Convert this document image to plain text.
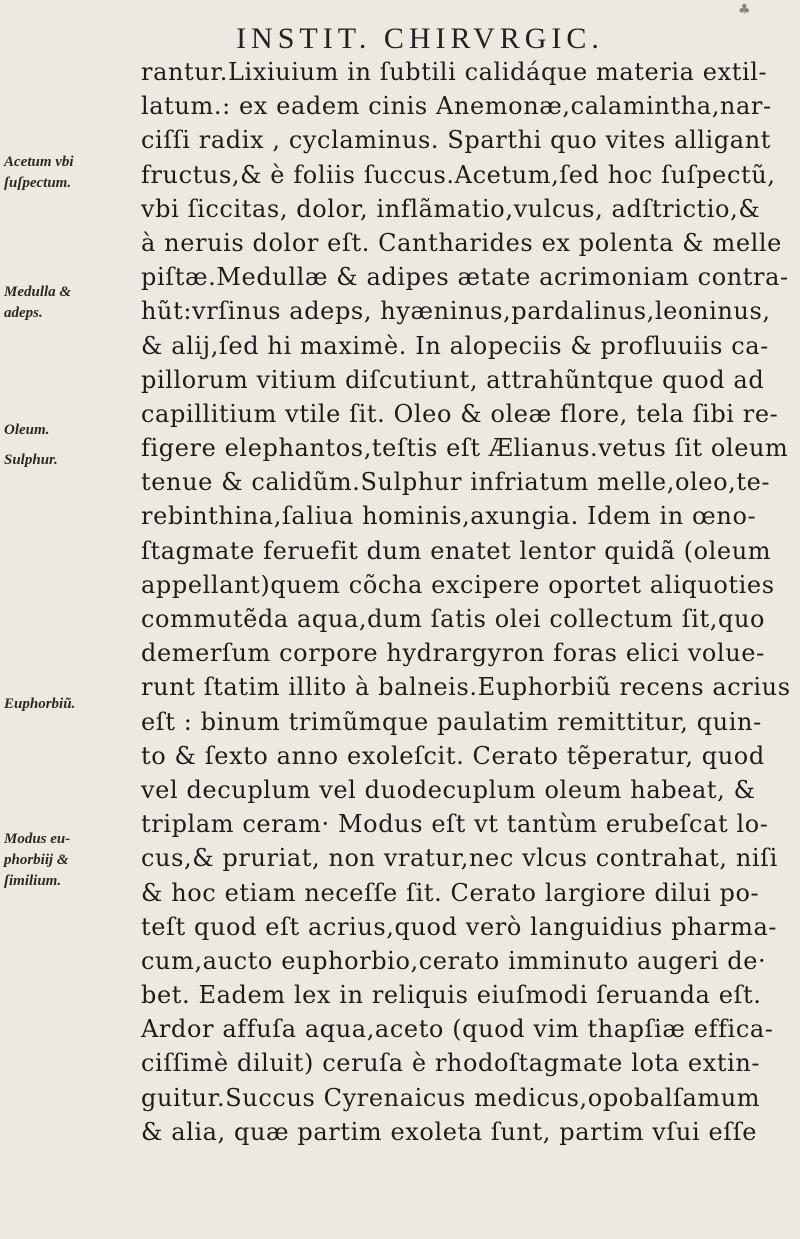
♣
INSTIT. CHIRVRGIC.
Acetum vbi
ſuſpectum.
Medulla &
adeps.
Oleum.
Sulphur.
Euphorbiũ.
Modus eu-
phorbiĳ &
ſimilium.
rantur.Lixiuium in ſubtili calidáque materia extil-
latum.: ex eadem cinis Anemonæ,calamintha,nar-
ciſſi radix , cyclaminus. Sparthi quo vites alligant
fructus,& è foliis ſuccus.Acetum,ſed hoc ſuſpectũ,
vbi ſiccitas, dolor, inflãmatio,vulcus, adſtrictio,&
à neruis dolor eſt. Cantharides ex polenta & melle
piſtæ.Medullæ & adipes ætate acrimoniam contra-
hũt:vrſinus adeps, hyæninus,pardalinus,leoninus,
& alij,ſed hi maximè. In alopeciis & profluuiis ca-
pillorum vitium diſcutiunt, attrahũntque quod ad
capillitium vtile ſit. Oleo & oleæ flore, tela ſibi re-
figere elephantos,teſtis eſt Ælianus.vetus ſit oleum
tenue & calidũm.Sulphur infriatum melle,oleo,te-
rebinthina,ſaliua hominis,axungia. Idem in œno-
ſtagmate feruefit dum enatet lentor quidã (oleum
appellant)quem cõcha excipere oportet aliquoties
commutẽda aqua,dum ſatis olei collectum ſit,quo
demerſum corpore hydrargyron foras elici volue-
runt ſtatim illito à balneis.Euphorbiũ recens acrius
eſt : binum trimũmque paulatim remittitur, quin-
to & ſexto anno exoleſcit. Cerato tẽperatur, quod
vel decuplum vel duodecuplum oleum habeat, &
triplam ceram· Modus eſt vt tantùm erubeſcat lo-
cus,& pruriat, non vratur,nec vlcus contrahat, niſi
& hoc etiam neceſſe ſit. Cerato largiore dilui po-
teſt quod eſt acrius,quod verò languidius pharma-
cum,aucto euphorbio,cerato imminuto augeri de·
bet. Eadem lex in reliquis eiuſmodi ſeruanda eſt.
Ardor affuſa aqua,aceto (quod vim thapſiæ effica-
ciſſimè diluit) ceruſa è rhodoſtagmate lota extin-
guitur.Succus Cyrenaicus medicus,opobalſamum
& alia, quæ partim exoleta ſunt, partim vſui eſſe
